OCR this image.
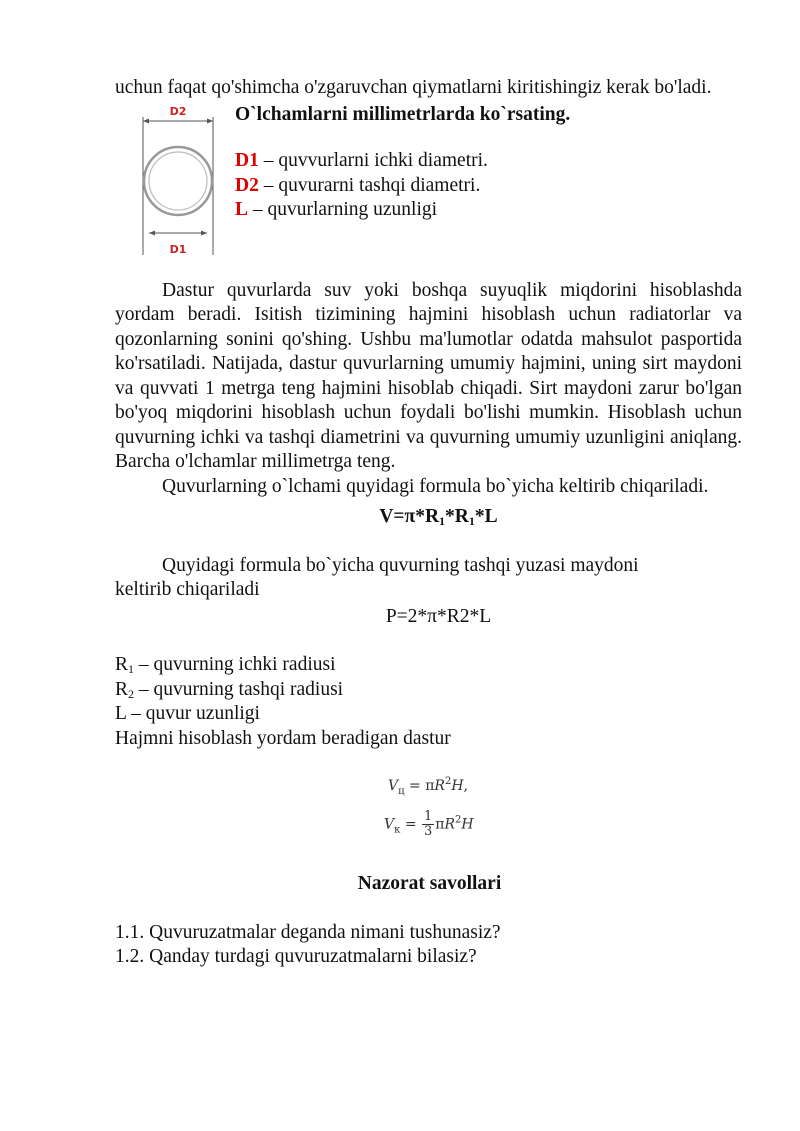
uchun faqat qo'shimcha o'zgaruvchan qiymatlarni kiritishingiz kerak bo'ladi.

D2
D1

O`lchamlarni millimetrlarda ko`rsating.

D1 – quvvurlarni ichki diametri.

D2 – quvurarni tashqi diametri.

L – quvurlarning uzunligi

Dastur quvurlarda suv yoki boshqa suyuqlik miqdorini hisoblashda yordam beradi. Isitish tizimining hajmini hisoblash uchun radiatorlar va qozonlarning sonini qo'shing. Ushbu ma'lumotlar odatda mahsulot pasportida ko'rsatiladi. Natijada, dastur quvurlarning umumiy hajmini, uning sirt maydoni va quvvati 1 metrga teng hajmini hisoblab chiqadi. Sirt maydoni zarur bo'lgan bo'yoq miqdorini hisoblash uchun foydali bo'lishi mumkin. Hisoblash uchun quvurning ichki va tashqi diametrini va quvurning umumiy uzunligini aniqlang. Barcha o'lchamlar millimetrga teng.

Quvurlarning o`lchami quyidagi formula bo`yicha keltirib chiqariladi.

$V=\pi*R_1*R_1*L$

Quyidagi formula bo`yicha quvurning tashqi yuzasi maydoni

keltirib chiqariladi

P=2*π*R2*L

$R_1$ – quvurning ichki radiusi

$R_2$ – quvurning tashqi radiusi

L – quvur uzunligi

Hajmni hisoblash yordam beradigan dastur

$V_ц = \pi R^2H$,
$V_к = \frac{1}{3} \pi R^2H$

Nazorat savollari

1.1. Quvuruzatmalar deganda nimani tushunasiz?

1.2. Qanday turdagi quvuruzatmalarni bilasiz?
